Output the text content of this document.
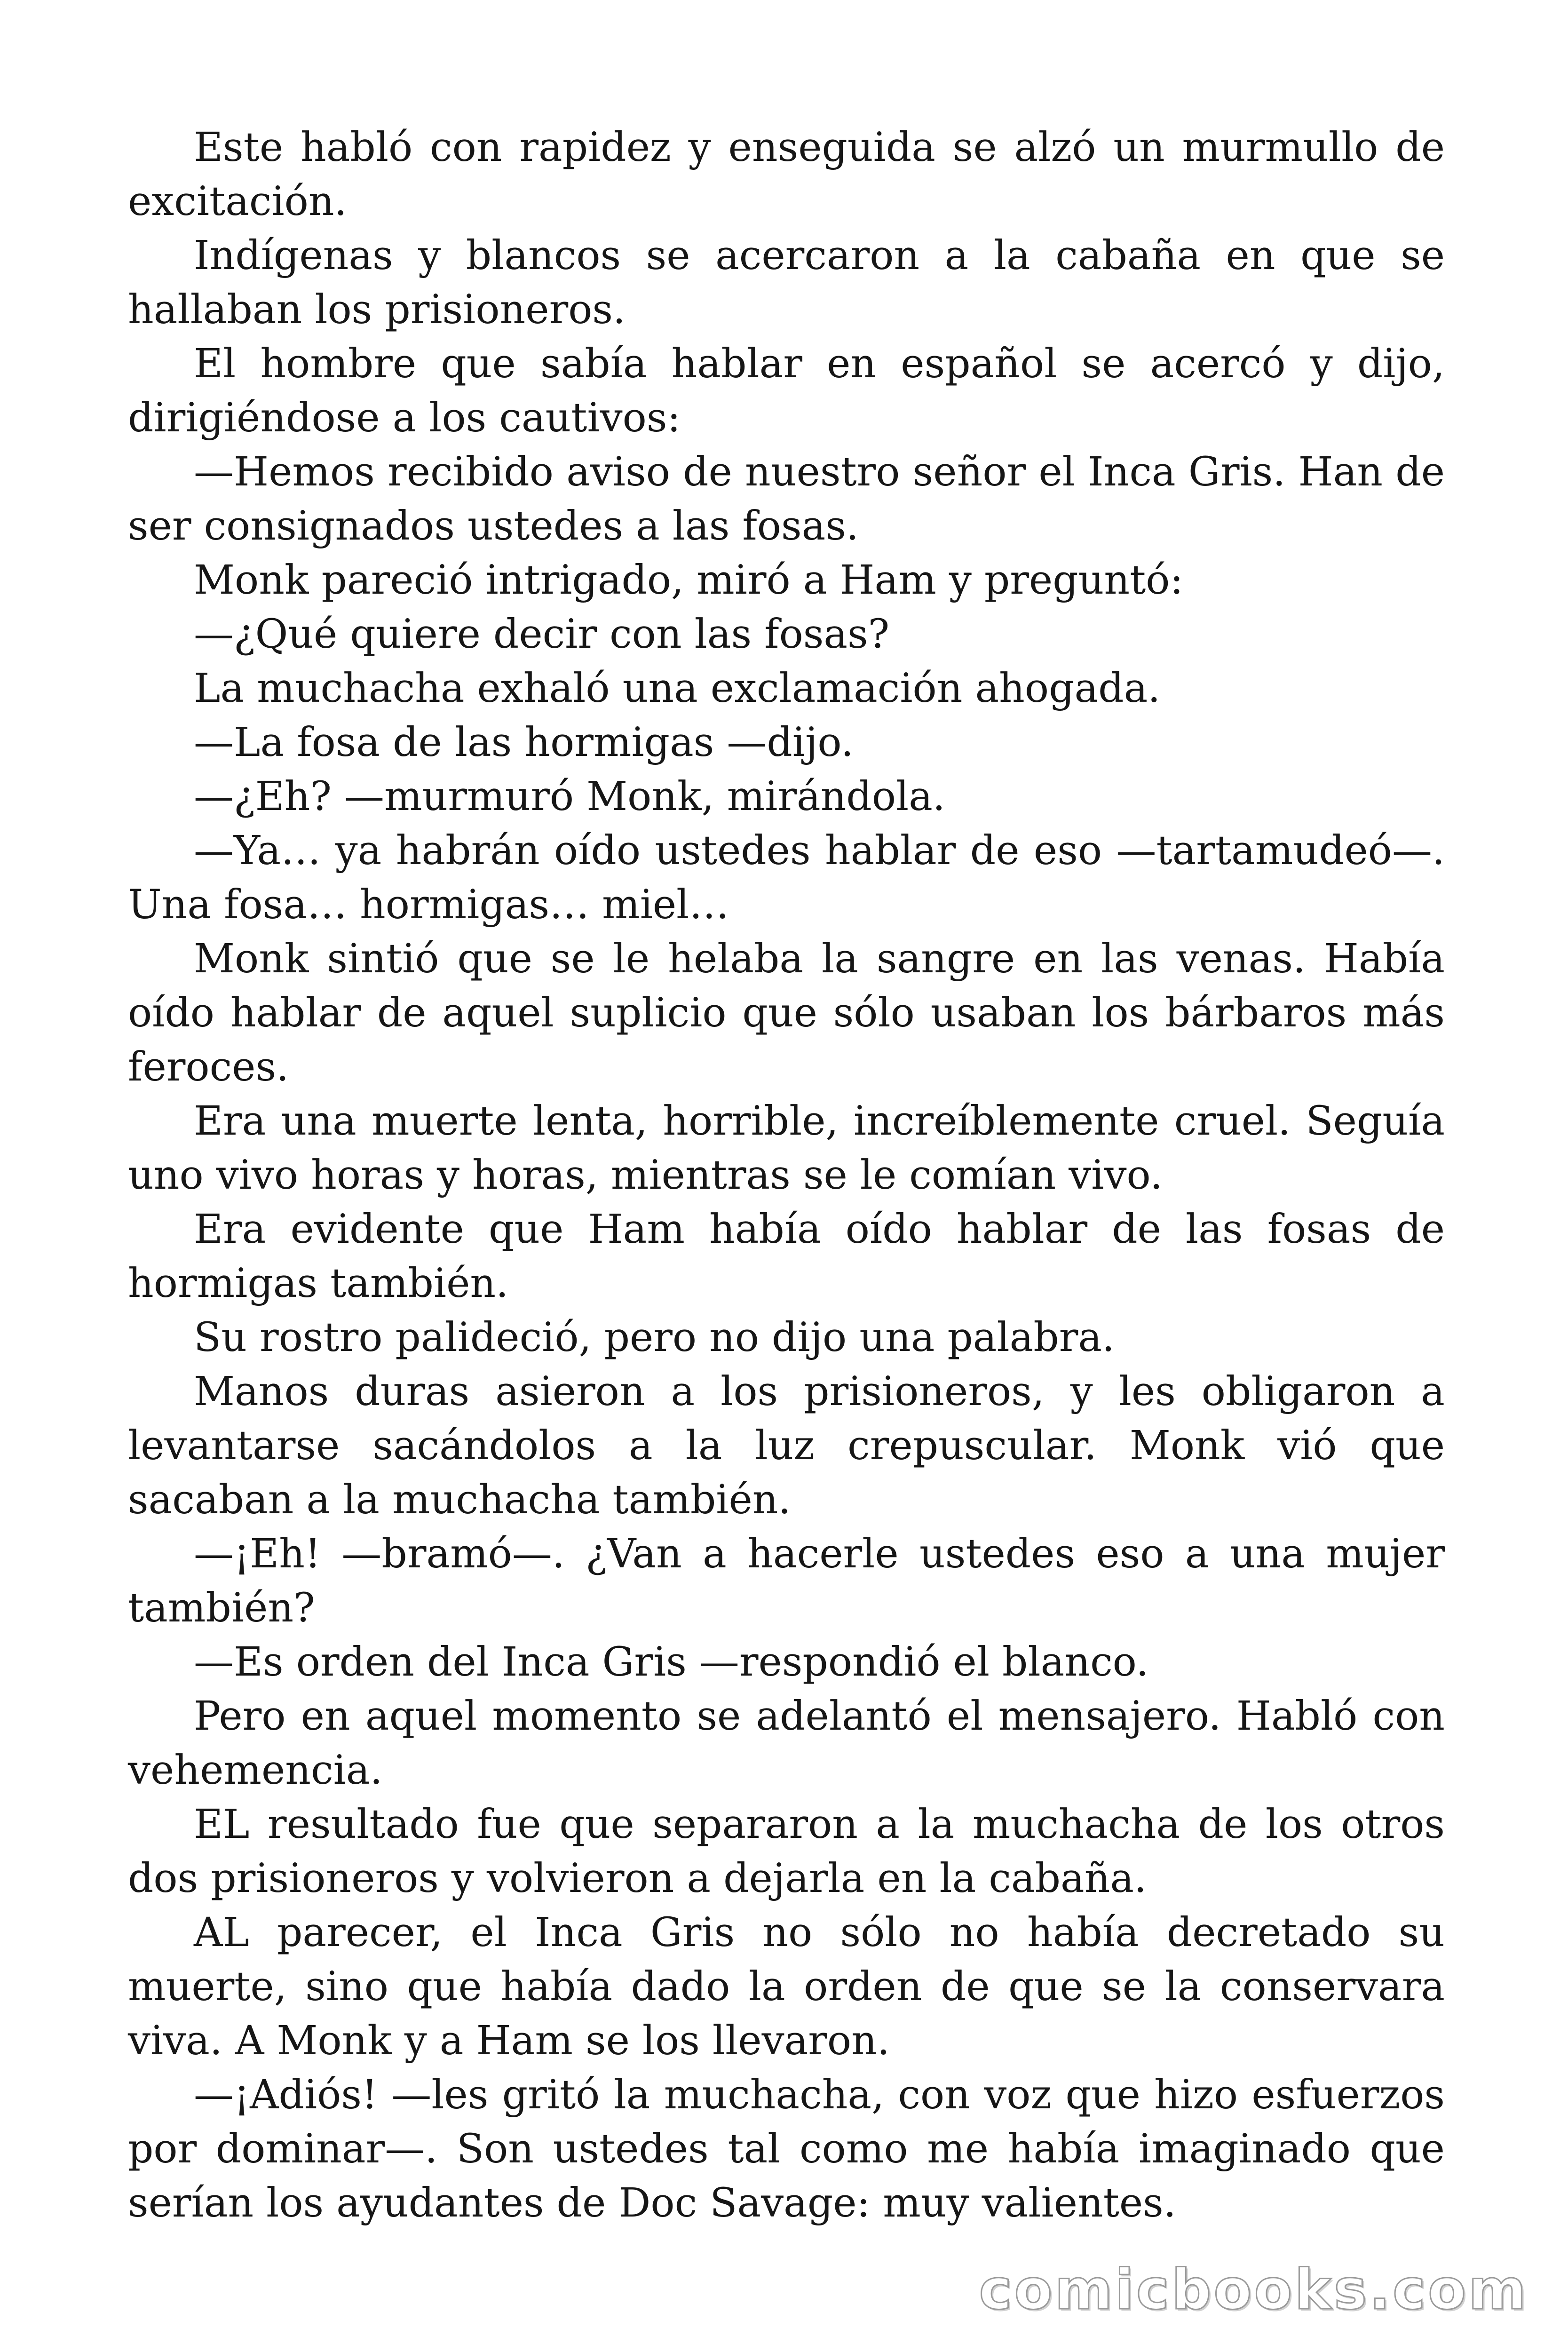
Este habló con rapidez y enseguida se alzó un murmullo de excitación.

Indígenas y blancos se acercaron a la cabaña en que se hallaban los prisioneros.

El hombre que sabía hablar en español se acercó y dijo, dirigiéndose a los cautivos:

—Hemos recibido aviso de nuestro señor el Inca Gris. Han de ser consignados ustedes a las fosas.

Monk pareció intrigado, miró a Ham y preguntó:

—¿Qué quiere decir con las fosas?

La muchacha exhaló una exclamación ahogada.

—La fosa de las hormigas —dijo.

—¿Eh? —murmuró Monk, mirándola.

—Ya… ya habrán oído ustedes hablar de eso —tartamudeó—. Una fosa… hormigas… miel…

Monk sintió que se le helaba la sangre en las venas. Había oído hablar de aquel suplicio que sólo usaban los bárbaros más feroces.

Era una muerte lenta, horrible, increíblemente cruel. Seguía uno vivo horas y horas, mientras se le comían vivo.

Era evidente que Ham había oído hablar de las fosas de hormigas también.

Su rostro palideció, pero no dijo una palabra.

Manos duras asieron a los prisioneros, y les obligaron a levantarse sacándolos a la luz crepuscular. Monk vió que sacaban a la muchacha también.

—¡Eh! —bramó—. ¿Van a hacerle ustedes eso a una mujer también?

—Es orden del Inca Gris —respondió el blanco.

Pero en aquel momento se adelantó el mensajero. Habló con vehemencia.

EL resultado fue que separaron a la muchacha de los otros dos prisioneros y volvieron a dejarla en la cabaña.

AL parecer, el Inca Gris no sólo no había decretado su muerte, sino que había dado la orden de que se la conservara viva. A Monk y a Ham se los llevaron.

—¡Adiós! —les gritó la muchacha, con voz que hizo esfuerzos por dominar—. Son ustedes tal como me había imaginado que serían los ayudantes de Doc Savage: muy valientes.

comicbooks.com
